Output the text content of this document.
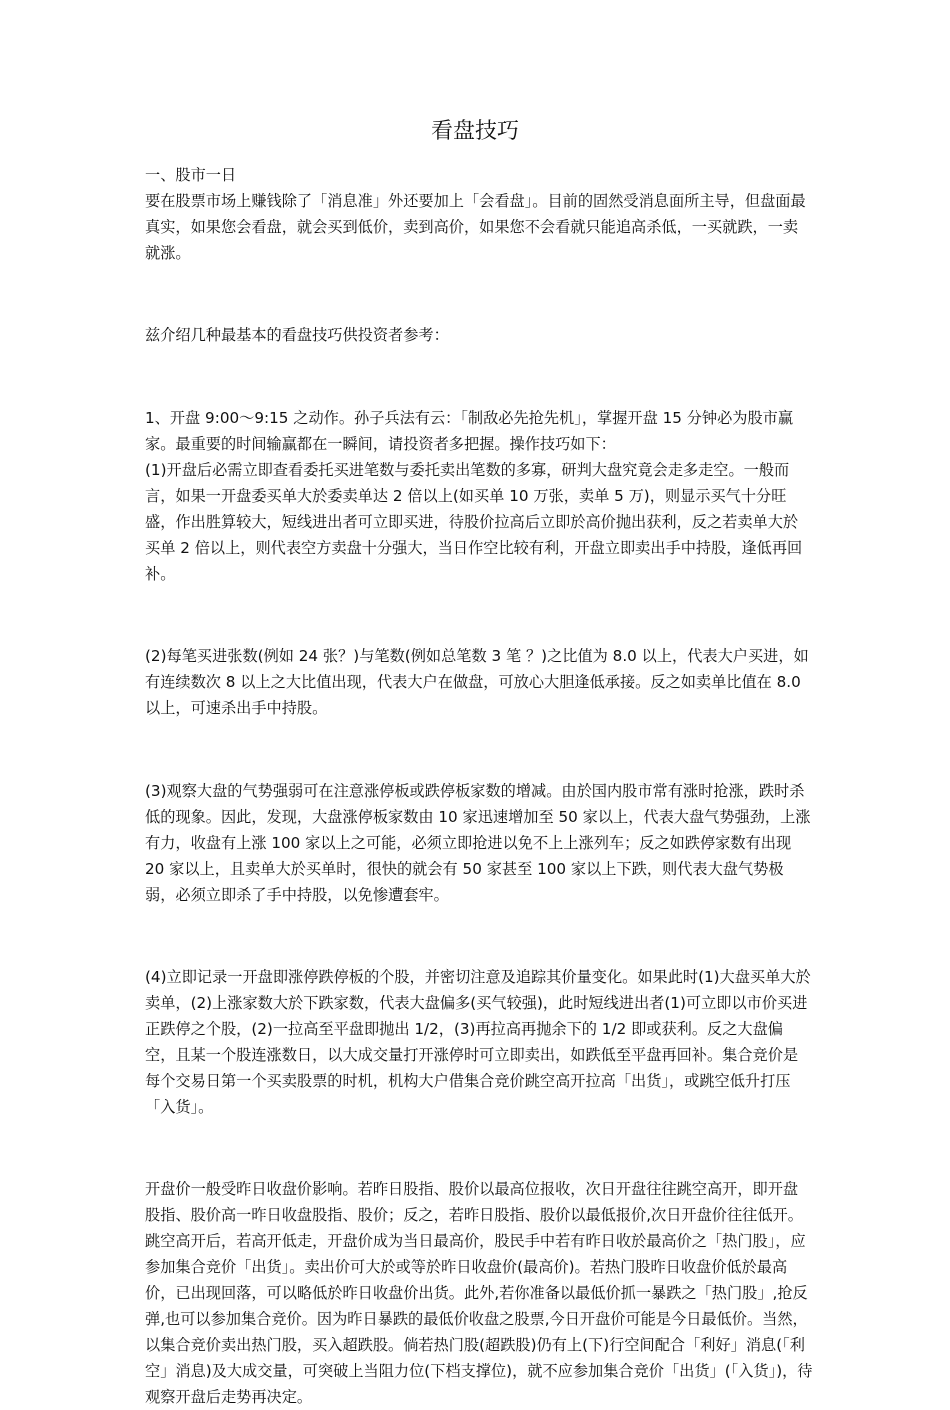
看盘技巧

一、股市一日

要在股票市场上赚钱除了「消息准」外还要加上「会看盘」。目前的固然受消息面所主导，但盘面最真实，如果您会看盘，就会买到低价，卖到高价，如果您不会看就只能追高杀低，一买就跌，一卖就涨。

兹介绍几种最基本的看盘技巧供投资者参考：

1、开盘 9:00～9:15 之动作。孙子兵法有云：「制敌必先抢先机」，掌握开盘 15 分钟必为股市赢家。最重要的时间输赢都在一瞬间，请投资者多把握。操作技巧如下：

(1)开盘后必需立即查看委托买进笔数与委托卖出笔数的多寡，研判大盘究竟会走多走空。一般而言，如果一开盘委买单大於委卖单达 2 倍以上(如买单 10 万张，卖单 5 万)，则显示买气十分旺盛，作出胜算较大，短线进出者可立即买进，待股价拉高后立即於高价抛出获利，反之若卖单大於买单 2 倍以上，则代表空方卖盘十分强大，当日作空比较有利，开盘立即卖出手中持股，逢低再回补。

(2)每笔买进张数(例如 24 张？)与笔数(例如总笔数 3 笔 ？)之比值为 8.0 以上，代表大户买进，如有连续数次 8 以上之大比值出现，代表大户在做盘，可放心大胆逢低承接。反之如卖单比值在 8.0 以上，可速杀出手中持股。

(3)观察大盘的气势强弱可在注意涨停板或跌停板家数的增减。由於国内股市常有涨时抢涨，跌时杀低的现象。因此，发现，大盘涨停板家数由 10 家迅速增加至 50 家以上，代表大盘气势强劲，上涨有力，收盘有上涨 100 家以上之可能，必须立即抢进以免不上上涨列车；反之如跌停家数有出现 20 家以上，且卖单大於买单时，很快的就会有 50 家甚至 100 家以上下跌，则代表大盘气势极弱，必须立即杀了手中持股，以免惨遭套牢。

(4)立即记录一开盘即涨停跌停板的个股，并密切注意及追踪其价量变化。如果此时(1)大盘买单大於卖单，(2)上涨家数大於下跌家数，代表大盘偏多(买气较强)，此时短线进出者(1)可立即以市价买进正跌停之个股，(2)一拉高至平盘即抛出 1/2，(3)再拉高再抛余下的 1/2 即或获利。反之大盘偏空，且某一个股连涨数日，以大成交量打开涨停时可立即卖出，如跌低至平盘再回补。集合竞价是每个交易日第一个买卖股票的时机，机构大户借集合竞价跳空高开拉高「出货」，或跳空低升打压「入货」。

开盘价一般受昨日收盘价影响。若昨日股指、股价以最高位报收，次日开盘往往跳空高开，即开盘股指、股价高一昨日收盘股指、股价；反之，若昨日股指、股价以最低报价,次日开盘价往往低开。跳空高开后，若高开低走，开盘价成为当日最高价，股民手中若有昨日收於最高价之「热门股」，应参加集合竞价「出货」。卖出价可大於或等於昨日收盘价(最高价)。若热门股昨日收盘价低於最高价，已出现回落，可以略低於昨日收盘价出货。此外,若你准备以最低价抓一暴跌之「热门股」,抢反弹,也可以参加集合竞价。因为昨日暴跌的最低价收盘之股票,今日开盘价可能是今日最低价。当然，以集合竞价卖出热门股，买入超跌股。倘若热门股(超跌股)仍有上(下)行空间配合「利好」消息(「利空」消息)及大成交量，可突破上当阻力位(下档支撑位)，就不应参加集合竞价「出货」(「入货」)，待观察开盘后走势再决定。
